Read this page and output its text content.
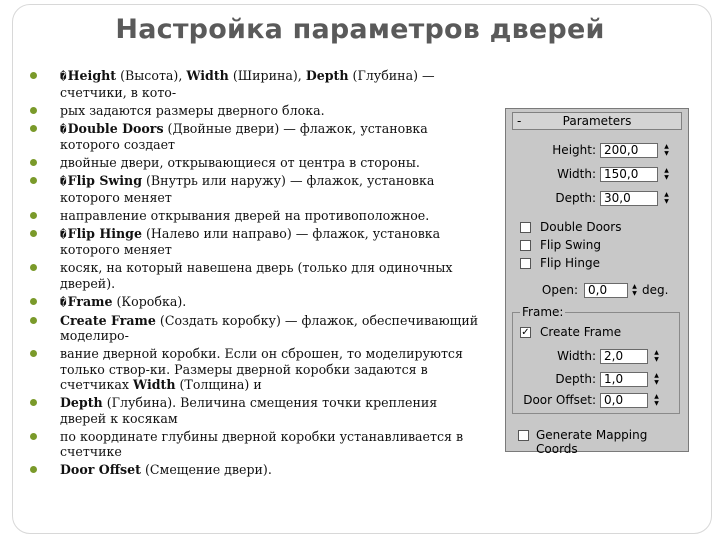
Настройка параметров дверей
�Height (Высота), Width (Ширина), Depth (Глубина) — счетчики, в кото-
рых задаются размеры дверного блока.
�Double Doors (Двойные двери) — флажок, установка которого создает
двойные двери, открывающиеся от центра в стороны.
�Flip Swing (Внутрь или наружу) — флажок, установка которого меняет
направление открывания дверей на противоположное.
�Flip Hinge (Налево или направо) — флажок, установка которого меняет
косяк, на который навешена дверь (только для одиночных дверей).
�Frame (Коробка).
Create Frame (Создать коробку) — флажок, обеспечивающий моделиро-
вание дверной коробки. Если он сброшен, то моделируются только створ-ки. Размеры дверной коробки задаются в счетчиках Width (Толщина) и
Depth (Глубина). Величина смещения точки крепления дверей к косякам
по координате глубины дверной коробки устанавливается в счетчике
Door Offset (Смещение двери).
-	Parameters
Height: 200,0	▲
▼
Width: 150,0	▲
▼
Depth: 30,0	▲
▼
Double Doors
Flip Swing
Flip Hinge
Open: 0,0	▲
▼ deg.
Frame:
✓ Create Frame
Width: 2,0	▲
▼
Depth: 1,0	▲
▼
Door Offset: 0,0	▲
▼
Generate Mapping Coords
